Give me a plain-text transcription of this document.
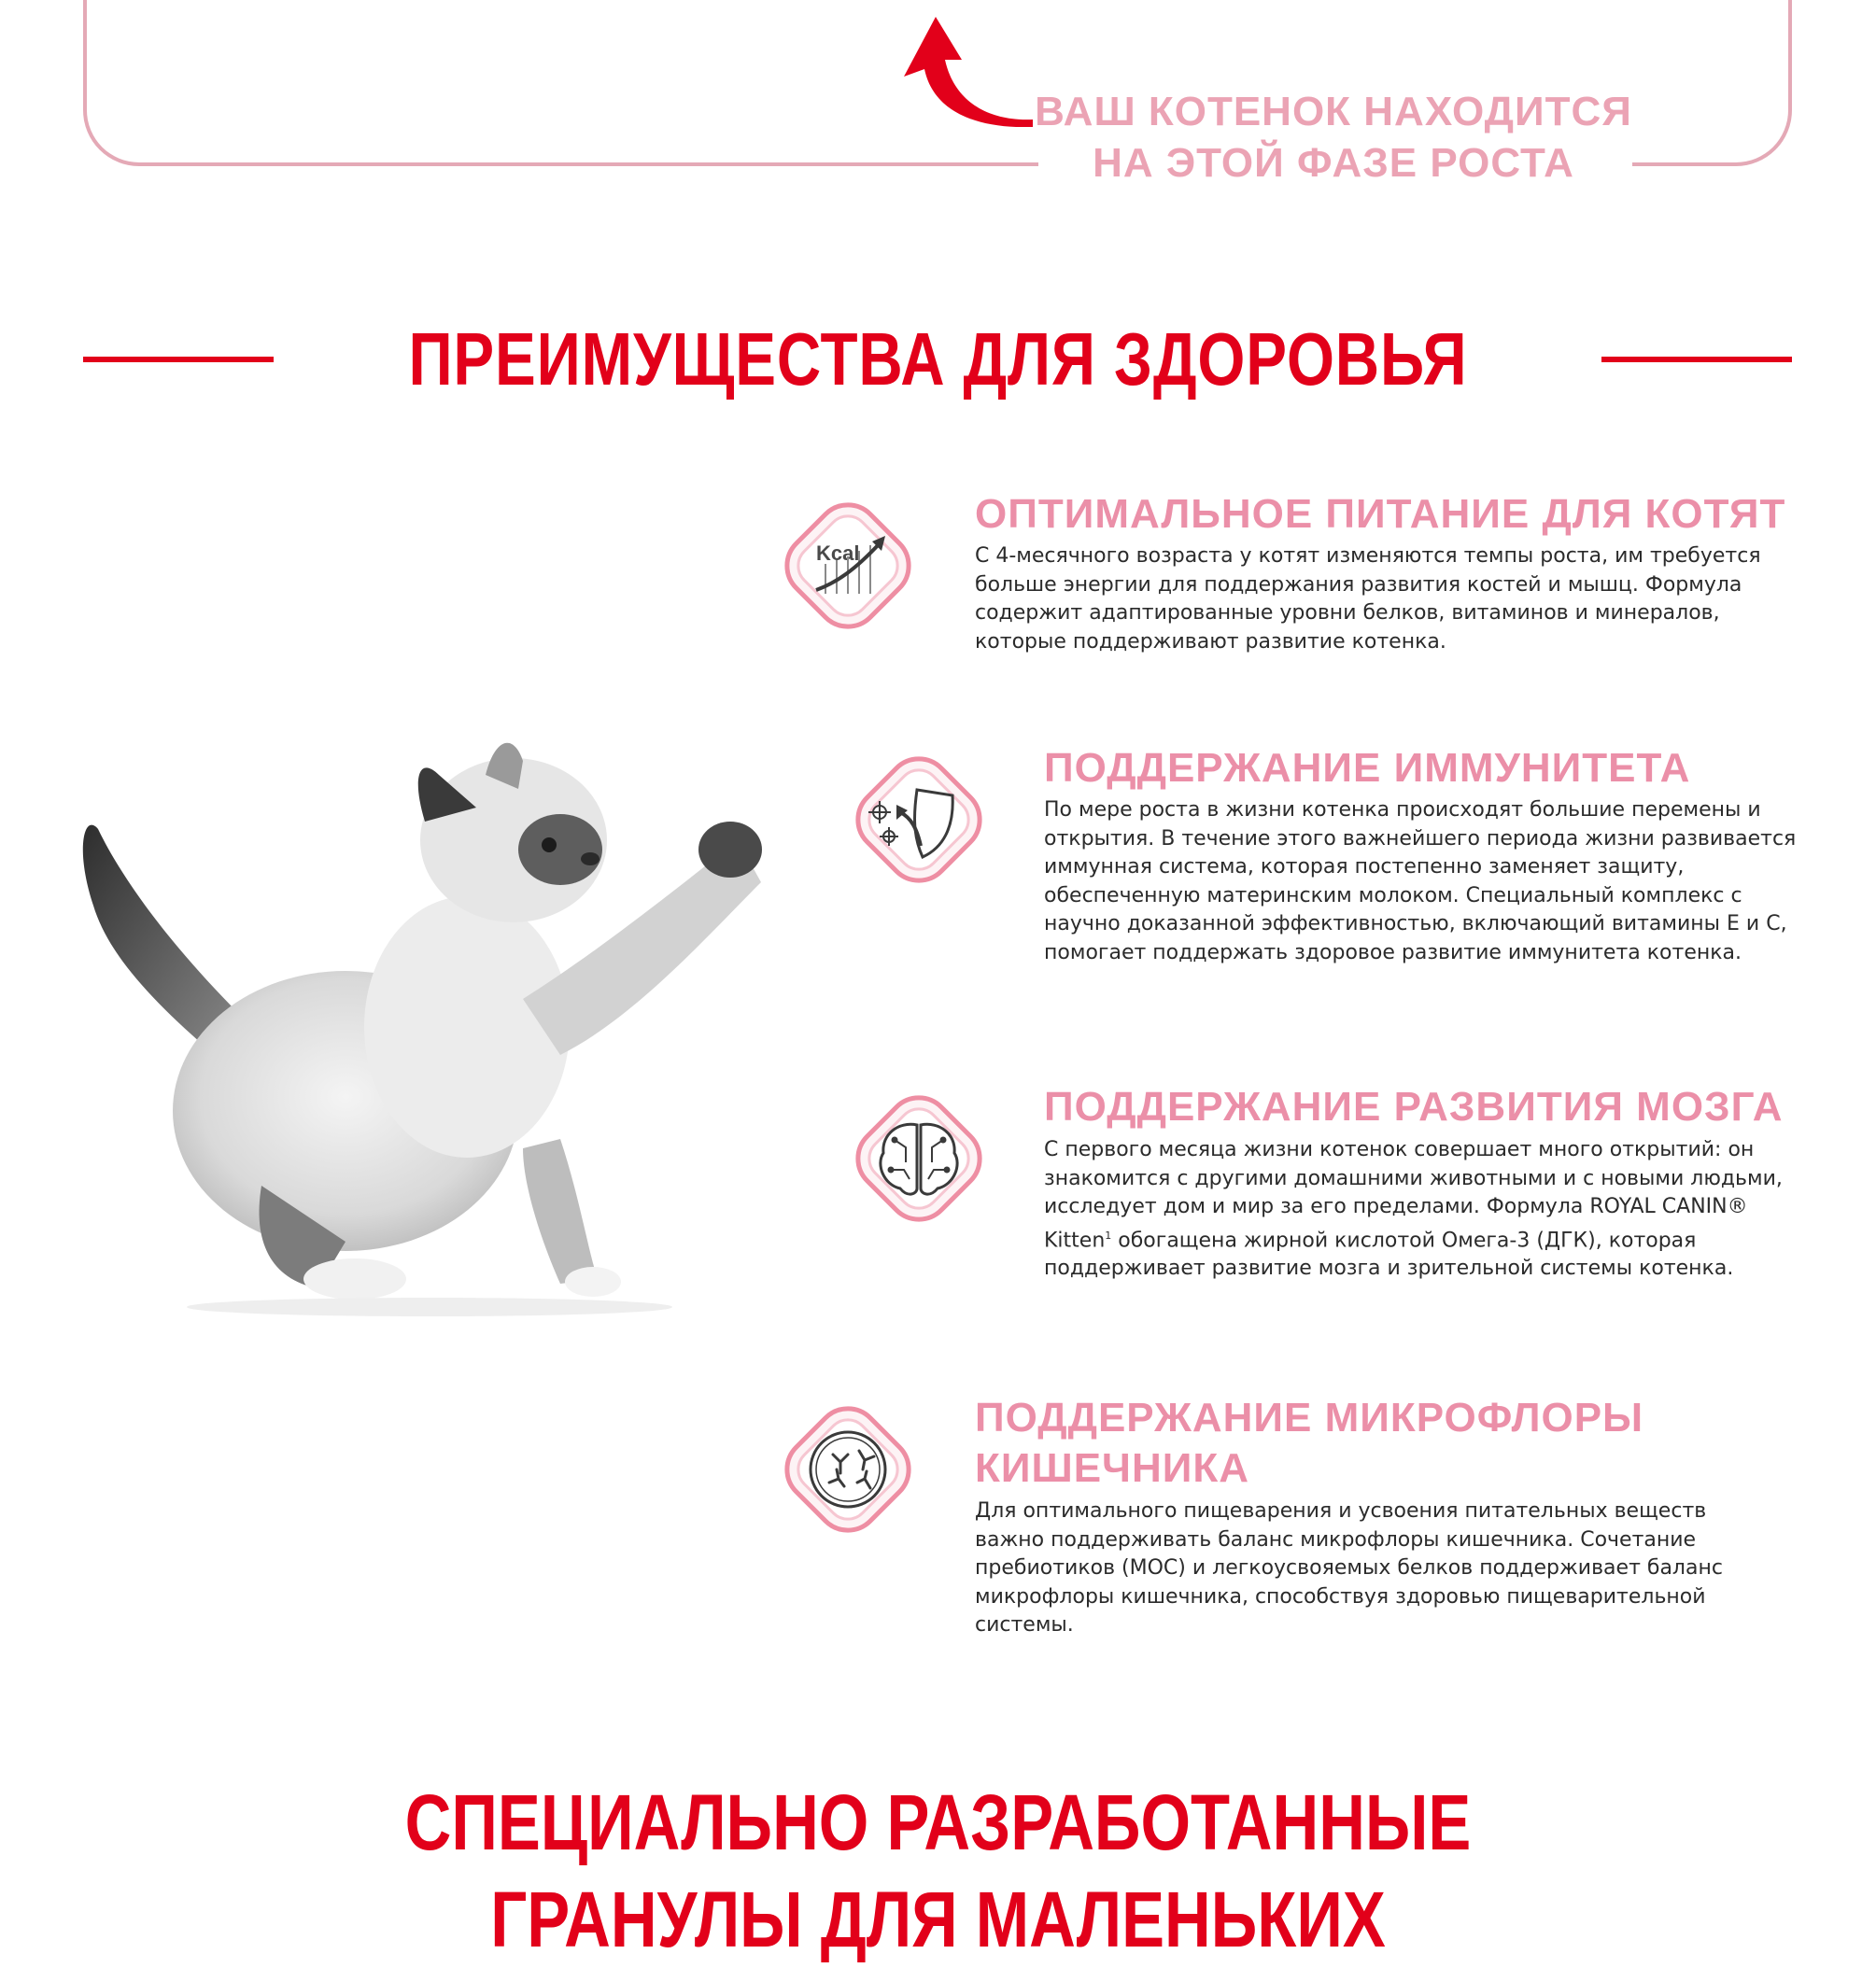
ВАШ КОТЕНОК НАХОДИТСЯ
НА ЭТОЙ ФАЗЕ РОСТА
ПРЕИМУЩЕСТВА ДЛЯ ЗДОРОВЬЯ
Kcal
ОПТИМАЛЬНОЕ ПИТАНИЕ ДЛЯ КОТЯТ

С 4-месячного возраста у котят изменяются темпы роста, им требуется больше энергии для поддержания развития костей и мышц. Формула содержит адаптированные уровни белков, витаминов и минералов, которые поддерживают развитие котенка.

ПОДДЕРЖАНИЕ ИММУНИТЕТА

По мере роста в жизни котенка происходят большие перемены и открытия. В течение этого важнейшего периода жизни развивается иммунная система, которая постепенно заменяет защиту, обеспеченную материнским молоком. Специальный комплекс с научно доказанной эффективностью, включающий витамины Е и С, помогает поддержать здоровое развитие иммунитета котенка.

ПОДДЕРЖАНИЕ РАЗВИТИЯ МОЗГА

С первого месяца жизни котенок совершает много открытий: он знакомится с другими домашними животными и с новыми людьми, исследует дом и мир за его пределами. Формула ROYAL CANIN® Kitten$^1$ обогащена жирной кислотой Омега-3 (ДГК), которая поддерживает развитие мозга и зрительной системы котенка.

ПОДДЕРЖАНИЕ МИКРОФЛОРЫ
КИШЕЧНИКА

Для оптимального пищеварения и усвоения питательных веществ важно поддерживать баланс микрофлоры кишечника. Сочетание пребиотиков (МОС) и легкоусвояемых белков поддерживает баланс микрофлоры кишечника, способствуя здоровью пищеварительной системы.

СПЕЦИАЛЬНО РАЗРАБОТАННЫЕ
ГРАНУЛЫ ДЛЯ МАЛЕНЬКИХ
